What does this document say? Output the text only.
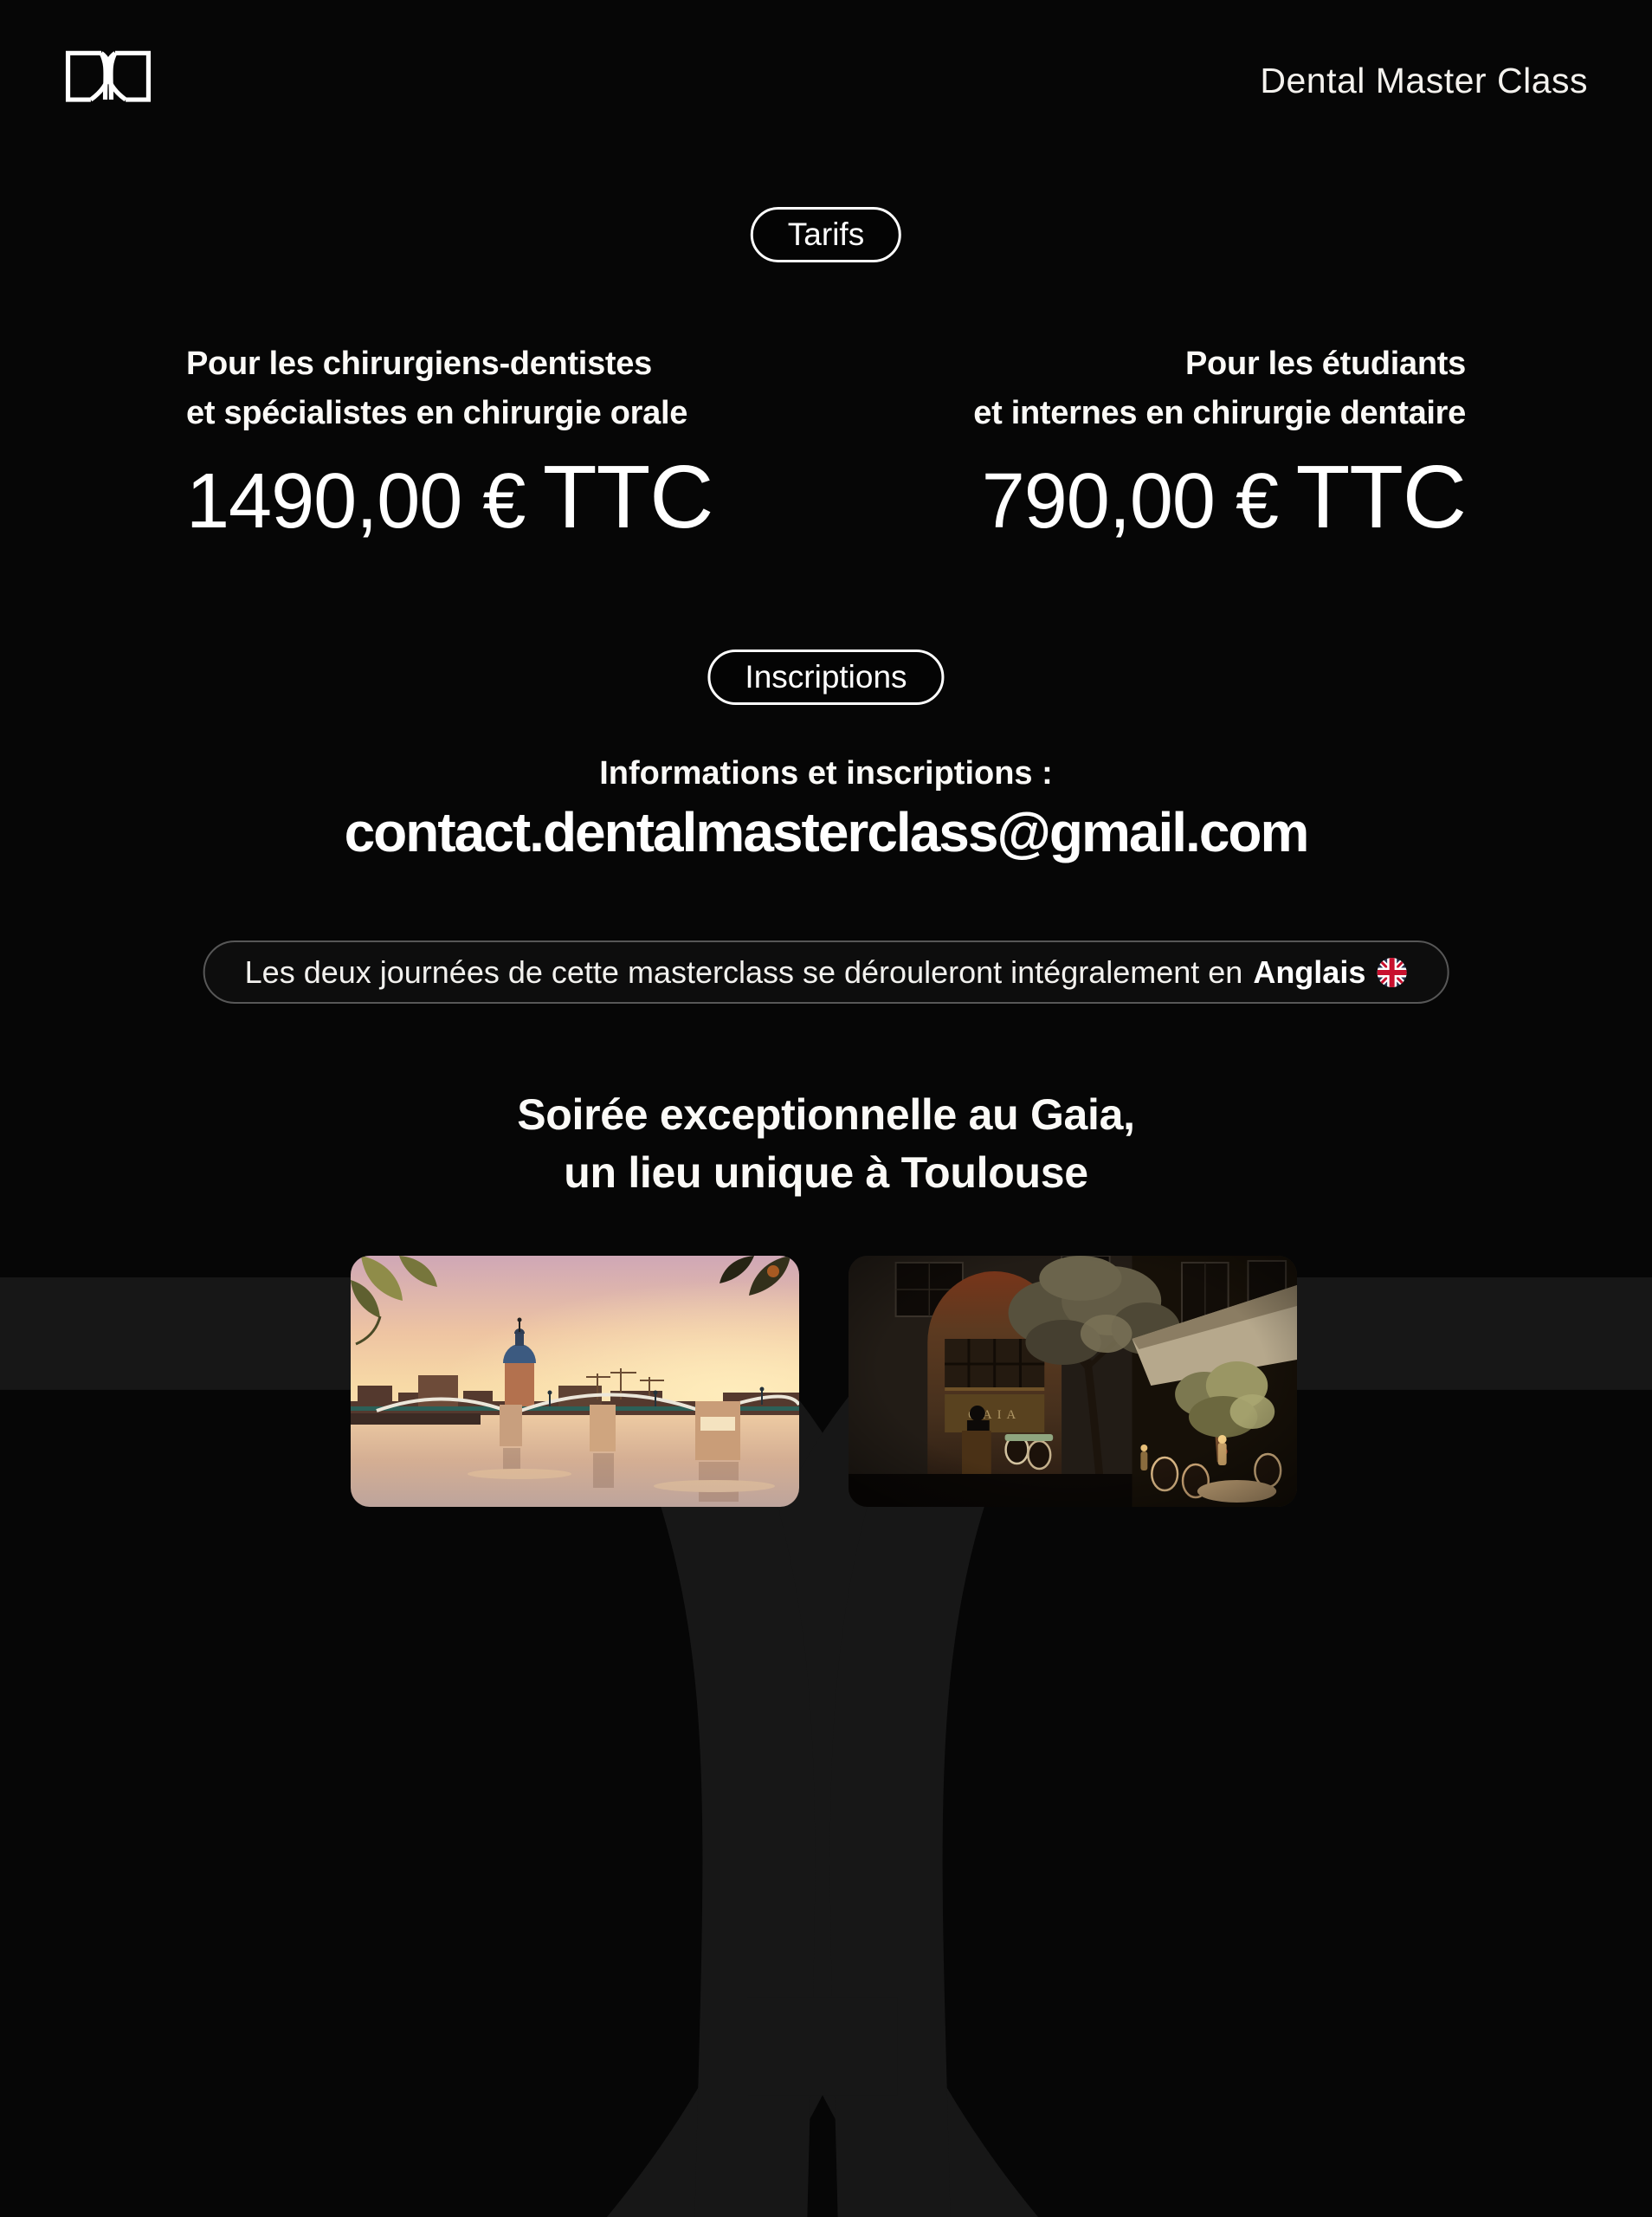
Dental Master Class
Tarifs
Pour les chirurgiens-dentistes
et spécialistes en chirurgie orale
1490,00 € TTC
Pour les étudiants
et internes en chirurgie dentaire
790,00 € TTC
Inscriptions
Informations et inscriptions :
contact.dentalmasterclass@gmail.com
Les deux journées de cette masterclass se dérouleront intégralement en Anglais
Soirée exceptionnelle au Gaia,
un lieu unique à Toulouse
